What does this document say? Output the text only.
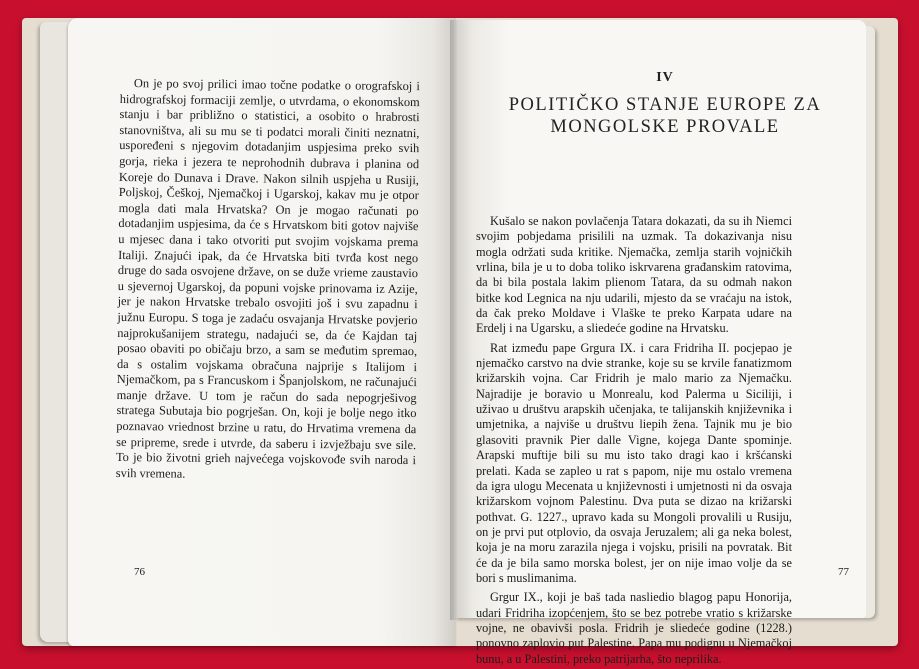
On je po svoj prilici imao točne podatke o orografskoj i hidrografskoj formaciji zemlje, o utvrdama, o ekonomskom stanju i bar približno o statistici, a osobito o hrabrosti stanovništva, ali su mu se ti podatci morali činiti neznatni, uspoređeni s njegovim dotadanjim uspjesima preko svih gorja, rieka i jezera te neprohodnih dubrava i planina od Koreje do Dunava i Drave. Nakon silnih uspjeha u Rusiji, Poljskoj, Češkoj, Njemačkoj i Ugarskoj, kakav mu je otpor mogla dati mala Hrvatska? On je mogao računati po dotadanjim uspjesima, da će s Hrvatskom biti gotov najviše u mjesec dana i tako otvoriti put svojim vojskama prema Italiji. Znajući ipak, da će Hrvatska biti tvrđa kost nego druge do sada osvojene države, on se duže vrieme zaustavio u sjevernoj Ugarskoj, da popuni vojske prinovama iz Azije, jer je nakon Hrvatske trebalo osvojiti još i svu zapadnu i južnu Europu. S toga je zadaću osvajanja Hrvatske povjerio najprokušanijem strategu, nadajući se, da će Kajdan taj posao obaviti po običaju brzo, a sam se međutim spremao, da s ostalim vojskama obračuna najprije s Italijom i Njemačkom, pa s Francuskom i Španjolskom, ne računajući manje države. U tom je račun do sada nepogrješivog stratega Subutaja bio pogrješan. On, koji je bolje nego itko poznavao vriednost brzine u ratu, do Hrvatima vremena da se pripreme, srede i utvrde, da saberu i izvježbaju sve sile. To je bio životni grieh najvećega vojskovođe svih naroda i svih vremena.

76
IV
POLITIČKO STANJE EUROPE ZA
MONGOLSKE PROVALE

Kušalo se nakon povlačenja Tatara dokazati, da su ih Niemci svojim pobjedama prisilili na uzmak. Ta dokazivanja nisu mogla održati suda kritike. Njemačka, zemlja starih vojničkih vrlina, bila je u to doba toliko iskrvarena građanskim ratovima, da bi bila postala lakim plienom Tatara, da su odmah nakon bitke kod Legnica na nju udarili, mjesto da se vraćaju na istok, da čak preko Moldave i Vlaške te preko Karpata udare na Erdelj i na Ugarsku, a sliedeće godine na Hrvatsku.

Rat između pape Grgura IX. i cara Fridriha II. pocjepao je njemačko carstvo na dvie stranke, koje su se krvile fanatizmom križarskih vojna. Car Fridrih je malo mario za Njemačku. Najradije je boravio u Monrealu, kod Palerma u Siciliji, i uživao u društvu arapskih učenjaka, te talijanskih književnika i umjetnika, a najviše u društvu liepih žena. Tajnik mu je bio glasoviti pravnik Pier dalle Vigne, kojega Dante spominje. Arapski muftije bili su mu isto tako dragi kao i kršćanski prelati. Kada se zapleo u rat s papom, nije mu ostalo vremena da igra ulogu Mecenata u književnosti i umjetnosti ni da osvaja križarskom vojnom Palestinu. Dva puta se dizao na križarski pothvat. G. 1227., upravo kada su Mongoli provalili u Rusiju, on je prvi put otplovio, da osvaja Jeruzalem; ali ga neka bolest, koja je na moru zarazila njega i vojsku, prisili na povratak. Bit će da je bila samo morska bolest, jer on nije imao volje da se bori s muslimanima.

Grgur IX., koji je baš tada nasliedio blagog papu Honorija, udari Fridriha izopćenjem, što se bez potrebe vratio s križarske vojne, ne obavivši posla. Fridrih je sliedeće godine (1228.) ponovno zaplovio put Palestine. Papa mu podignu u Njemačkoj bunu, a u Palestini, preko patrijarha, što neprilika.

77
